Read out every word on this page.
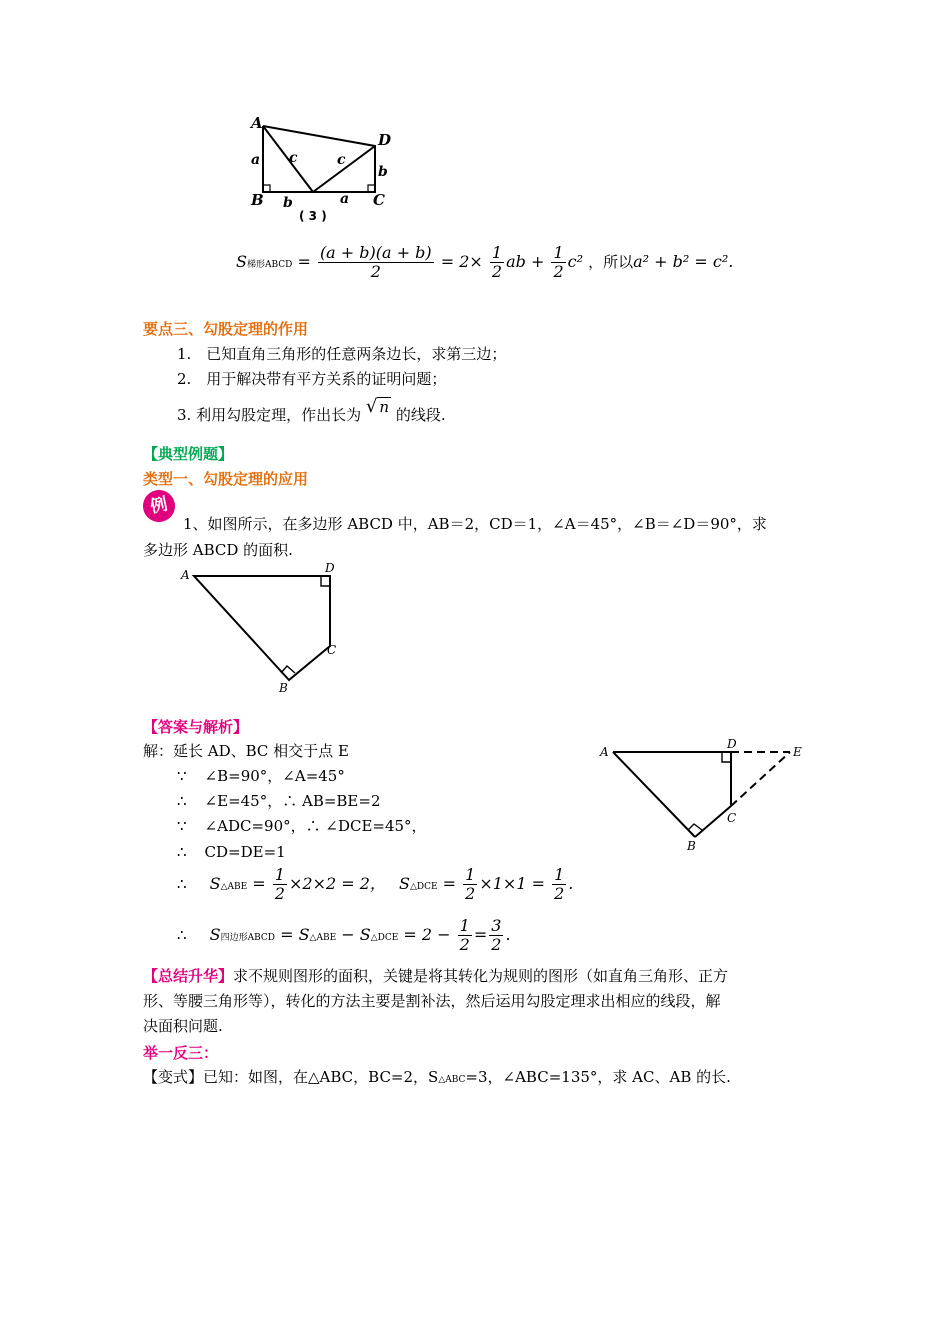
A
D
B	C
a
b	a
b
c	c
( 3 )
S梯形ABCD = $\frac{(a + b)(a + b)}{2} = 2\times \frac{1}{2}$ ab + $\frac{1}{2} c^2$ ，所以a² + b² = c².
要点三、勾股定理的作用
1.　已知直角三角形的任意两条边长，求第三边；
2.　用于解决带有平方关系的证明问题；
3. 利用勾股定理，作出长为 √ n 的线段.
【典型例题】
类型一、勾股定理的应用
例
1、如图所示，在多边形 ABCD 中，AB＝2，CD＝1，∠A＝45°，∠B＝∠D＝90°，求
多边形 ABCD 的面积.
A	D
C
B
【答案与解析】
解：延长 AD、BC 相交于点 E
∵ ∠B=90°，∠A=45°
∴ ∠E=45°，∴ AB=BE=2
∵ ∠ADC=90°，∴ ∠DCE=45°，
∴ CD=DE=1
∴ S△ABE = $\frac{1}{2} \times 2\times 2 = 2$， S△DCE = $\frac{1}{2} \times 1\times 1 = \frac{1}{2}$ .
∴ S四边形ABCD = S△ABE − S△DCE = $2 - \frac{1}{2} = \frac{3}{2}$ .
A
D
E
C
B
【总结升华】求不规则图形的面积，关键是将其转化为规则的图形（如直角三角形、正方
形、等腰三角形等），转化的方法主要是割补法，然后运用勾股定理求出相应的线段，解
决面积问题.
举一反三：
【变式】已知：如图，在△ABC，BC=2，S△ABC=3，∠ABC=135°，求 AC、AB 的长.
